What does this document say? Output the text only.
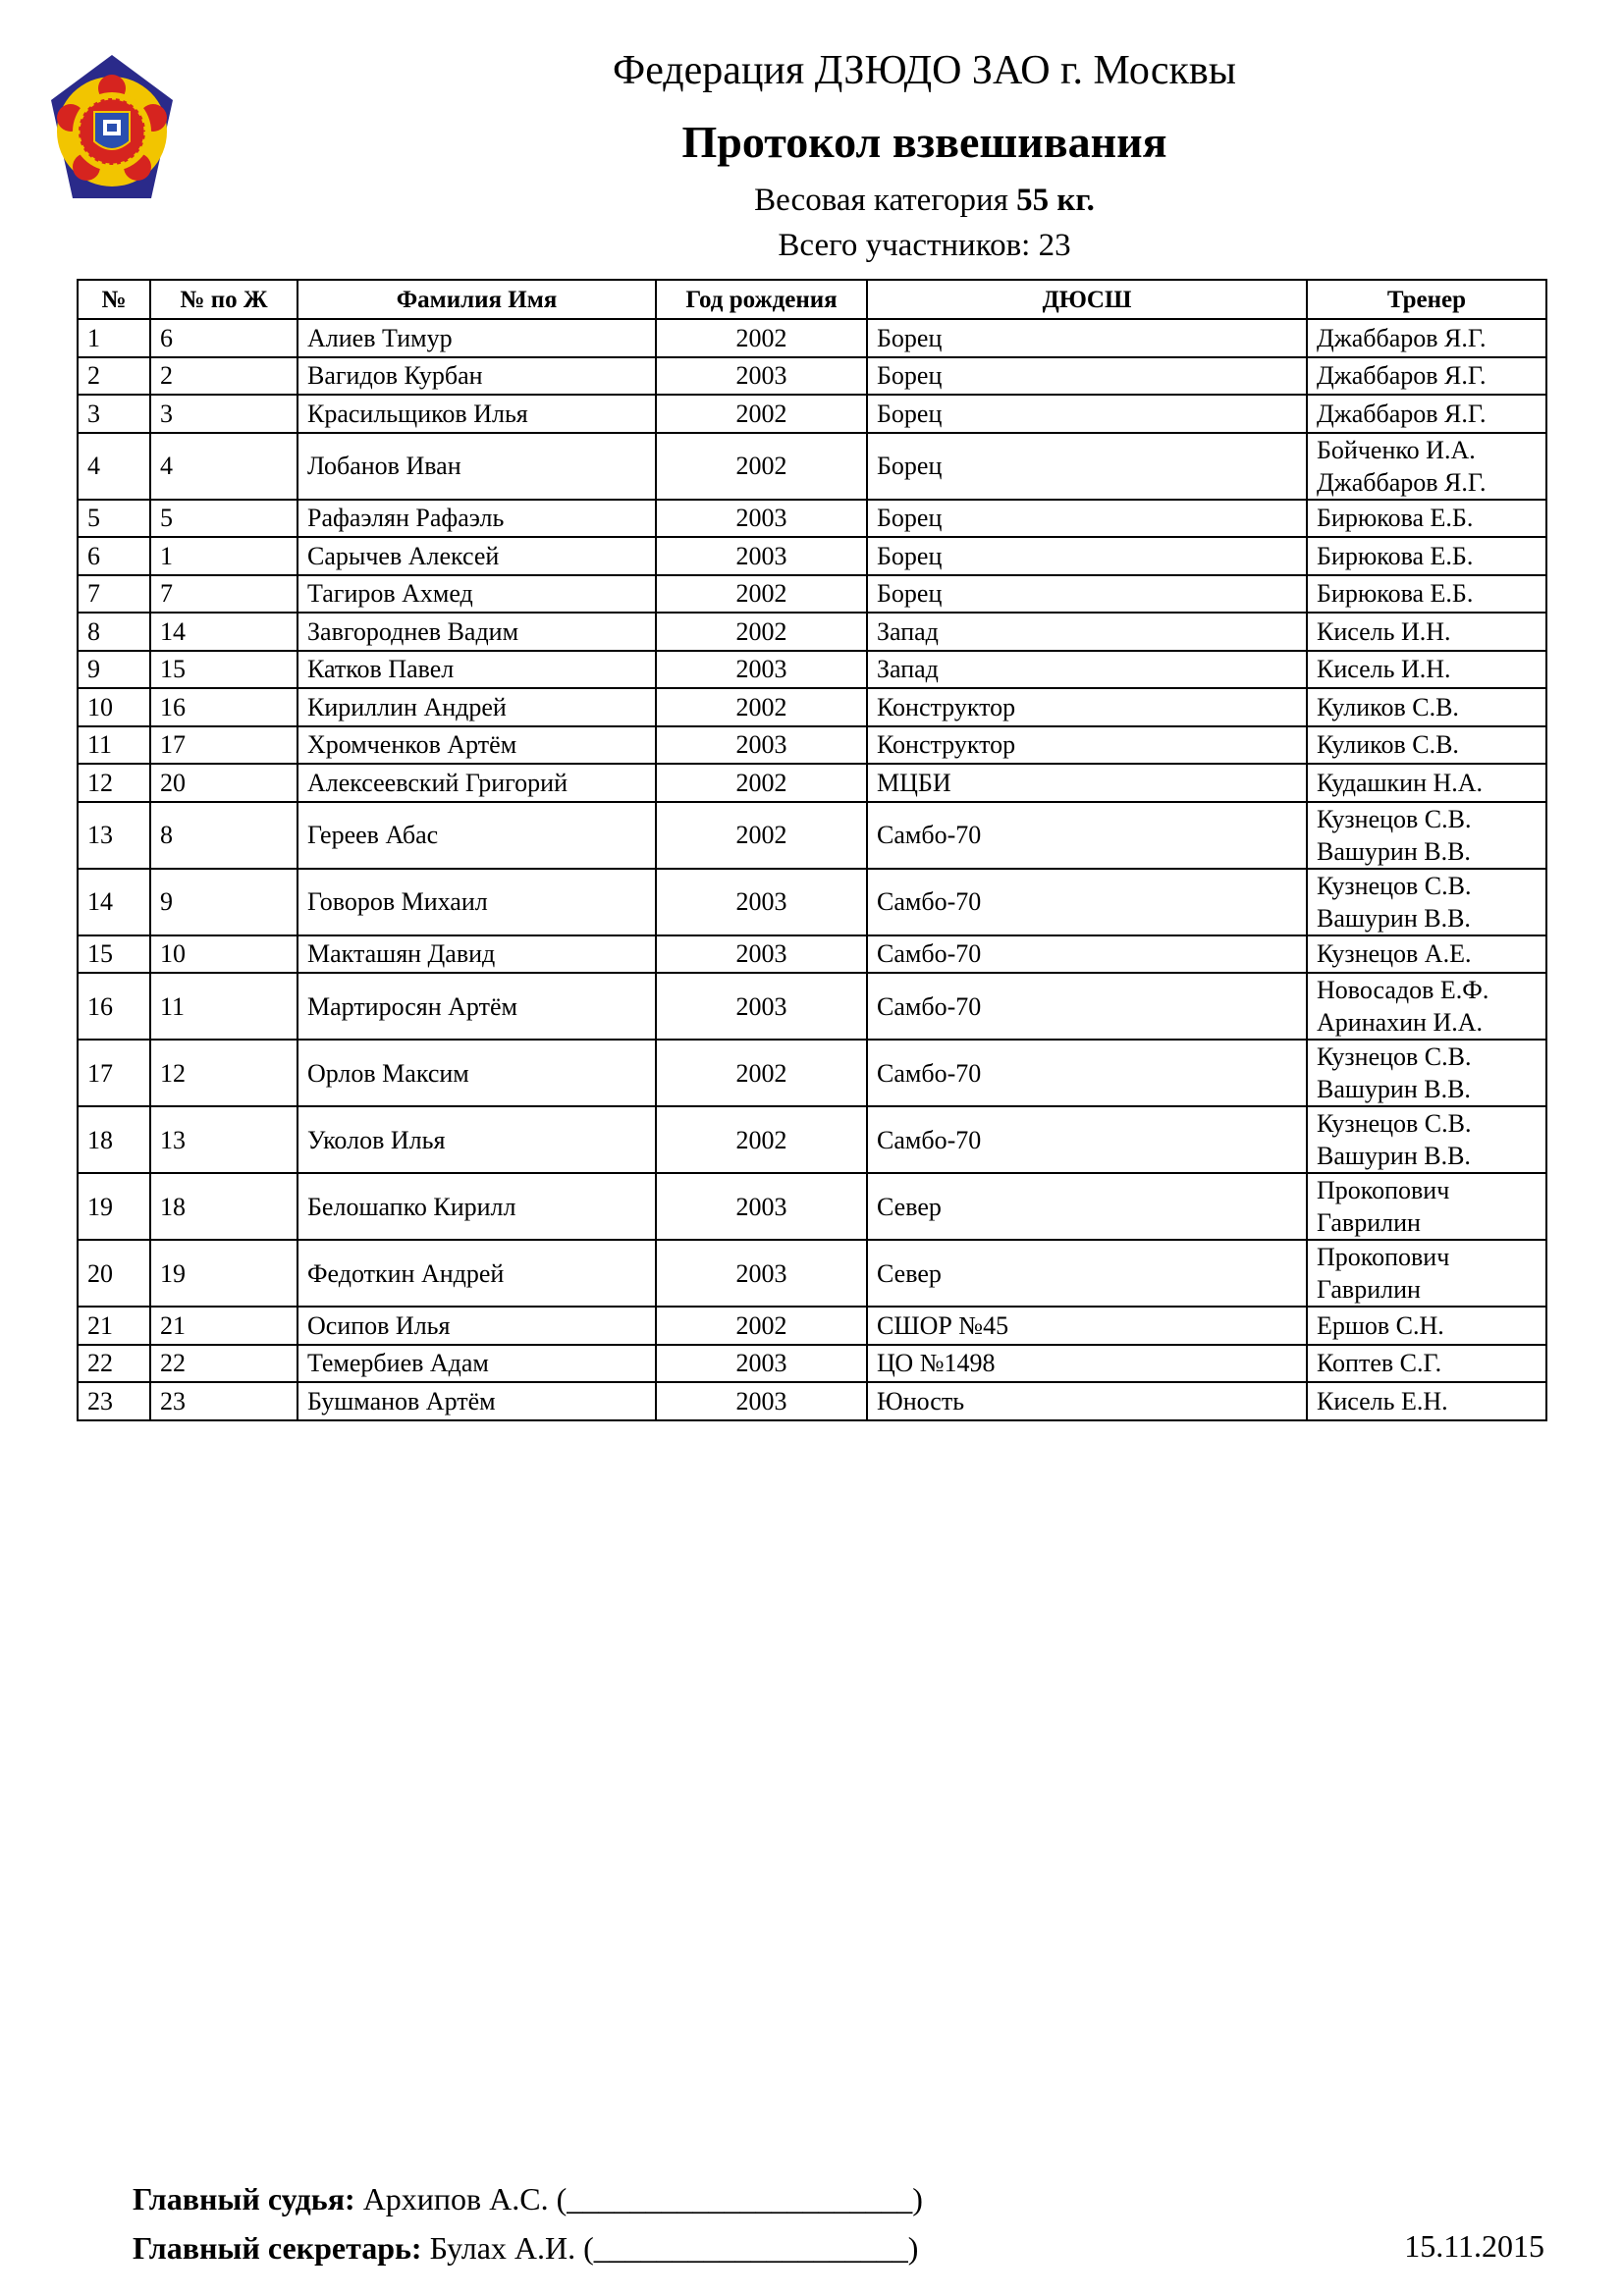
Федерация ДЗЮДО ЗАО г. Москвы
Протокол взвешивания
Весовая категория 55 кг.
Всего участников: 23
№	№ по Ж	Фамилия Имя	Год рождения	ДЮСШ	Тренер
1	6	Алиев Тимур	2002	Борец	Джаббаров Я.Г.

2	2	Вагидов Курбан	2003	Борец	Джаббаров Я.Г.

3	3	Красильщиков Илья	2002	Борец	Джаббаров Я.Г.

4	4	Лобанов Иван	2002	Борец	Бойченко И.А.
Джаббаров Я.Г.

5	5	Рафаэлян Рафаэль	2003	Борец	Бирюкова Е.Б.

6	1	Сарычев Алексей	2003	Борец	Бирюкова Е.Б.

7	7	Тагиров Ахмед	2002	Борец	Бирюкова Е.Б.

8	14	Завгороднев Вадим	2002	Запад	Кисель И.Н.

9	15	Катков Павел	2003	Запад	Кисель И.Н.

10	16	Кириллин Андрей	2002	Конструктор	Куликов С.В.

11	17	Хромченков Артём	2003	Конструктор	Куликов С.В.

12	20	Алексеевский Григорий	2002	МЦБИ	Кудашкин Н.А.

13	8	Гереев Абас	2002	Самбо-70	Кузнецов С.В.
Вашурин В.В.

14	9	Говоров Михаил	2003	Самбо-70	Кузнецов С.В.
Вашурин В.В.

15	10	Макташян Давид	2003	Самбо-70	Кузнецов А.Е.

16	11	Мартиросян Артём	2003	Самбо-70	Новосадов Е.Ф.
Аринахин И.А.

17	12	Орлов Максим	2002	Самбо-70	Кузнецов С.В.
Вашурин В.В.

18	13	Уколов Илья	2002	Самбо-70	Кузнецов С.В.
Вашурин В.В.

19	18	Белошапко Кирилл	2003	Север	Прокопович
Гаврилин

20	19	Федоткин Андрей	2003	Север	Прокопович
Гаврилин

21	21	Осипов Илья	2002	СШОР №45	Ершов С.Н.

22	22	Темербиев Адам	2003	ЦО №1498	Коптев С.Г.

23	23	Бушманов Артём	2003	Юность	Кисель Е.Н.
Главный судья: Архипов А.С. (______________________)
Главный секретарь: Булах А.И. (____________________)	15.11.2015
